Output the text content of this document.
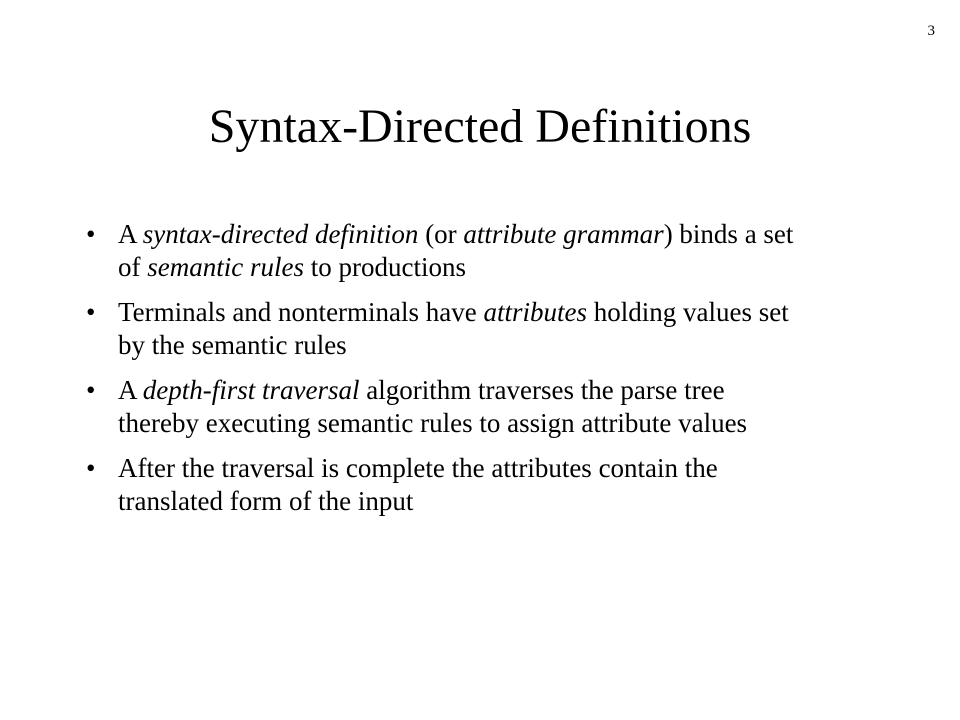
3
Syntax-Directed Definitions
• A syntax-directed definition (or attribute grammar) binds a set of semantic rules to productions
• Terminals and nonterminals have attributes holding values set by the semantic rules
• A depth-first traversal algorithm traverses the parse tree thereby executing semantic rules to assign attribute values
• After the traversal is complete the attributes contain the translated form of the input
